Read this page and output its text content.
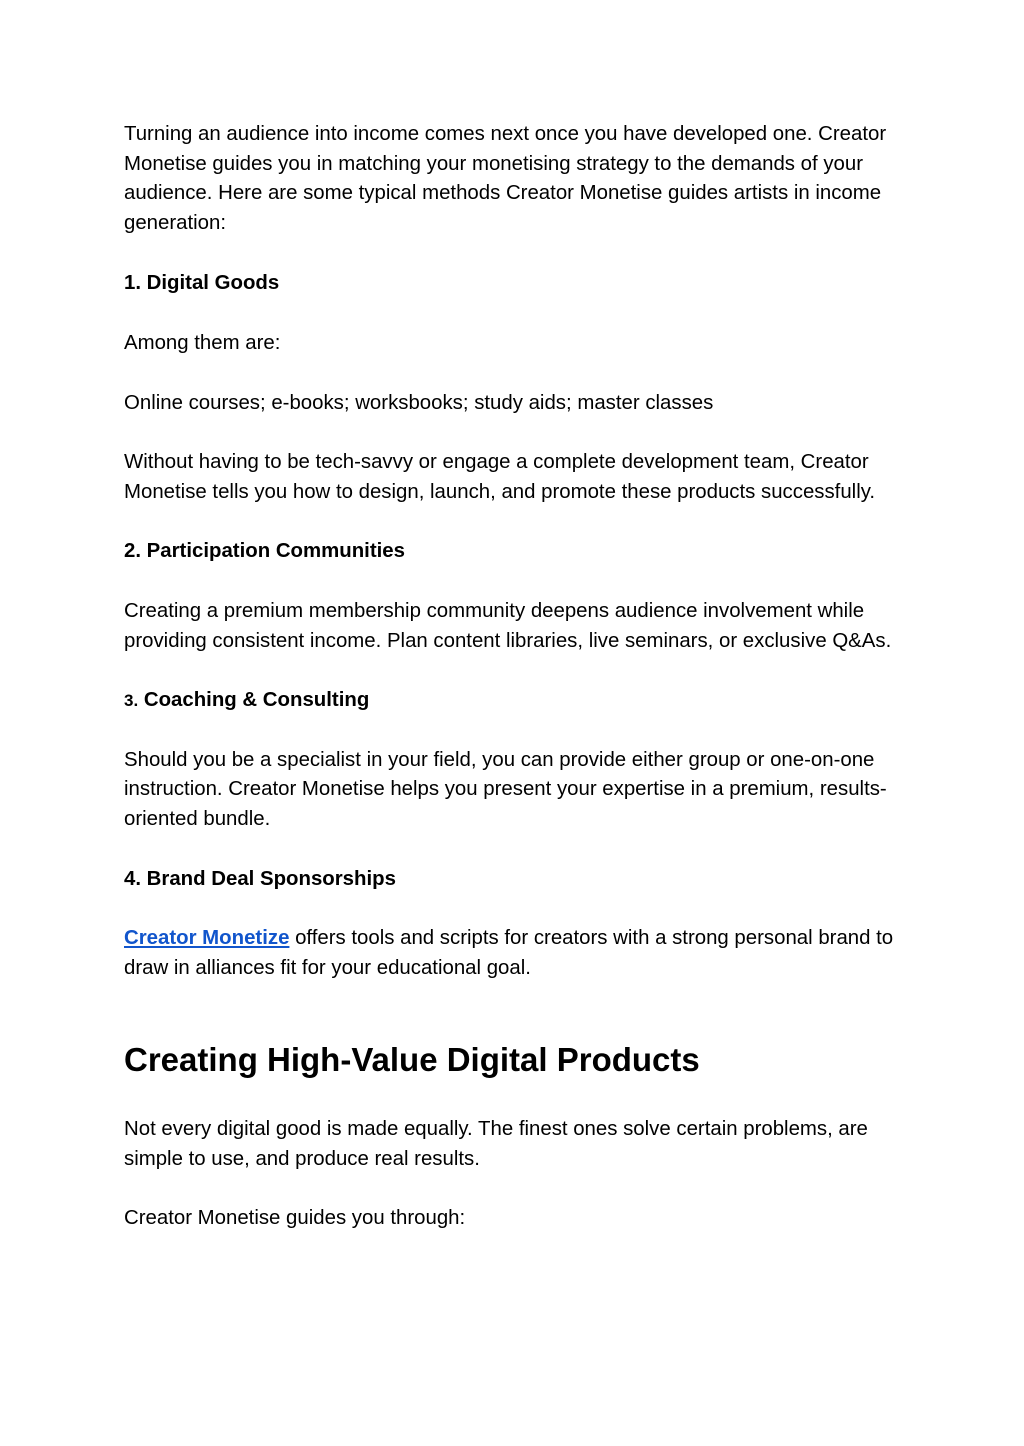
Turning an audience into income comes next once you have developed one. Creator Monetise guides you in matching your monetising strategy to the demands of your audience. Here are some typical methods Creator Monetise guides artists in income generation:

1. Digital Goods

Among them are:

Online courses; e-books; worksbooks; study aids; master classes

Without having to be tech-savvy or engage a complete development team, Creator Monetise tells you how to design, launch, and promote these products successfully.

2. Participation Communities

Creating a premium membership community deepens audience involvement while providing consistent income. Plan content libraries, live seminars, or exclusive Q&As.

3. Coaching & Consulting

Should you be a specialist in your field, you can provide either group or one-on-one instruction. Creator Monetise helps you present your expertise in a premium, results-oriented bundle.

4. Brand Deal Sponsorships

Creator Monetize offers tools and scripts for creators with a strong personal brand to draw in alliances fit for your educational goal.

Creating High-Value Digital Products

Not every digital good is made equally. The finest ones solve certain problems, are simple to use, and produce real results.

Creator Monetise guides you through:
